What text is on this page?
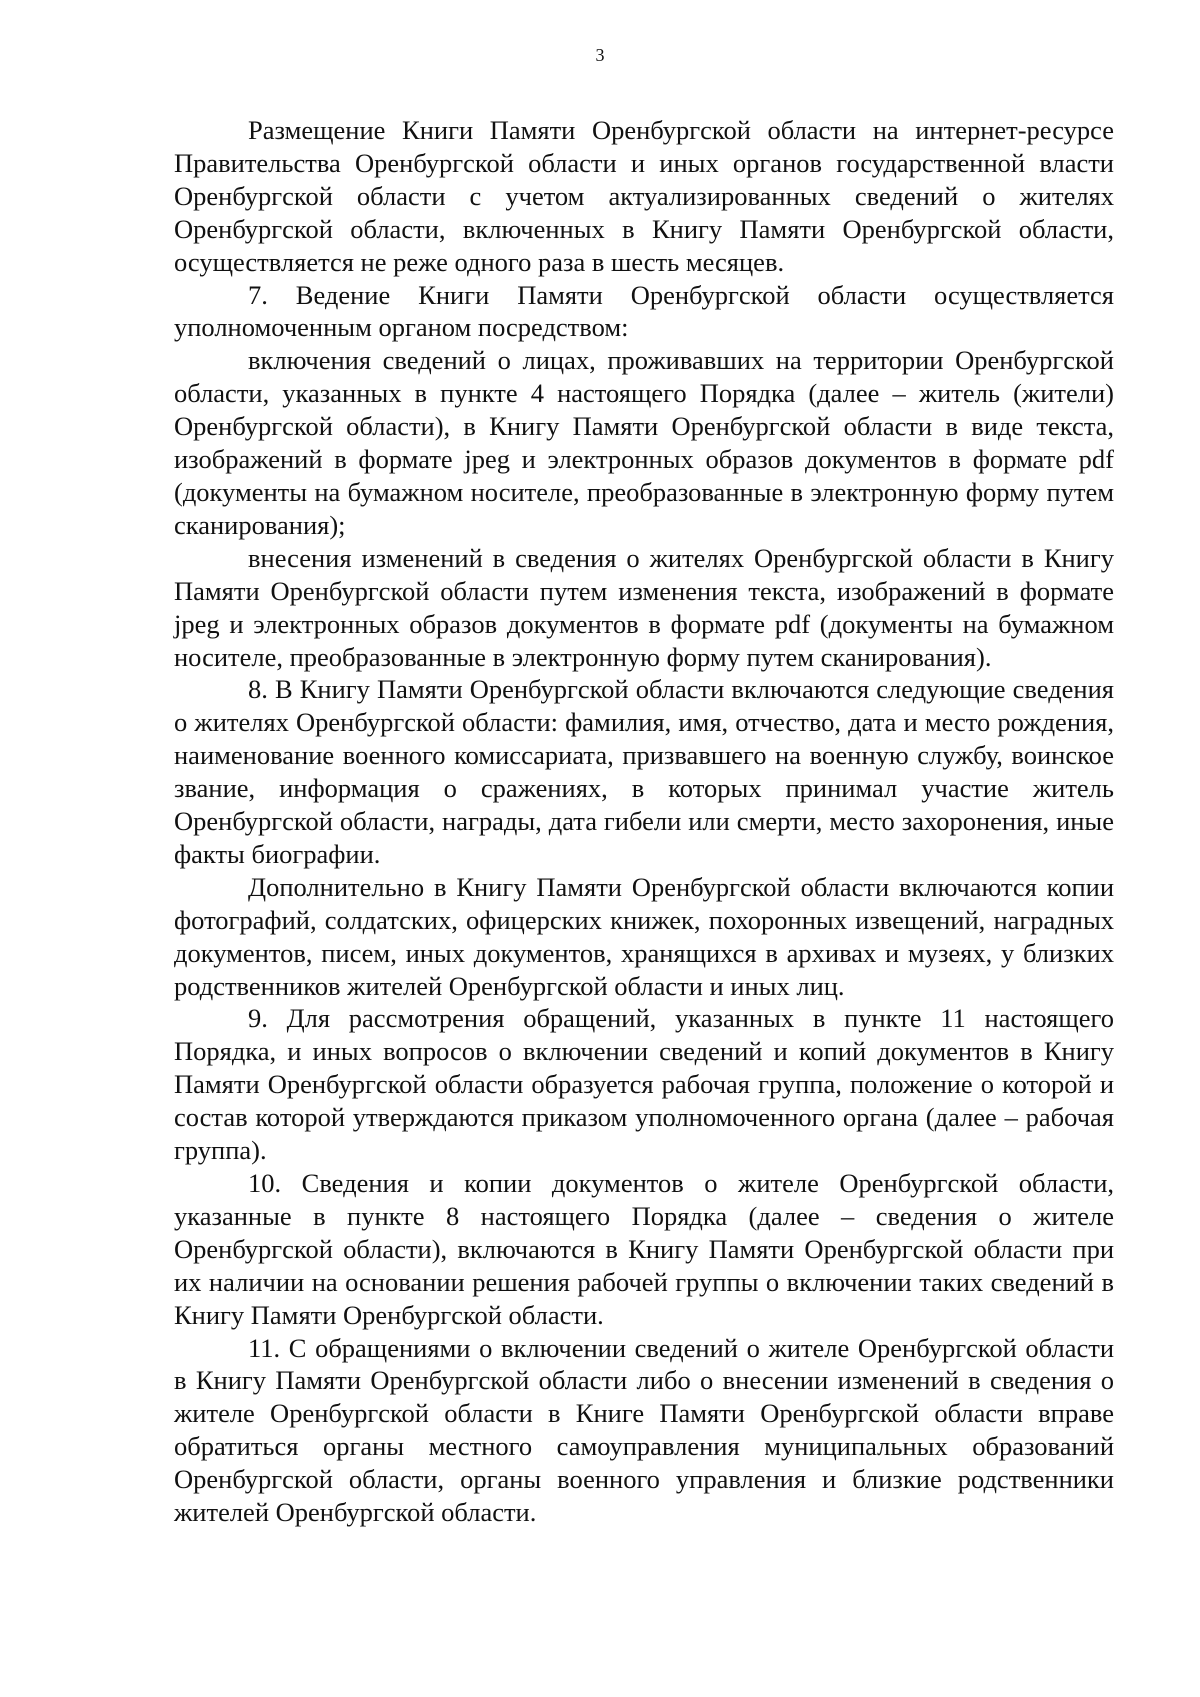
3

Размещение Книги Памяти Оренбургской области на интернет-ресурсе Правительства Оренбургской области и иных органов государственной власти Оренбургской области с учетом актуализированных сведений о жителях Оренбургской области, включенных в Книгу Памяти Оренбургской области, осуществляется не реже одного раза в шесть месяцев.

7. Ведение Книги Памяти Оренбургской области осуществляется уполномоченным органом посредством:

включения сведений о лицах, проживавших на территории Оренбургской области, указанных в пункте 4 настоящего Порядка (далее – житель (жители) Оренбургской области), в Книгу Памяти Оренбургской области в виде текста, изображений в формате jpeg и электронных образов документов в формате pdf (документы на бумажном носителе, преобразованные в электронную форму путем сканирования);

внесения изменений в сведения о жителях Оренбургской области в Книгу Памяти Оренбургской области путем изменения текста, изображений в формате jpeg и электронных образов документов в формате pdf (документы на бумажном носителе, преобразованные в электронную форму путем сканирования).

8. В Книгу Памяти Оренбургской области включаются следующие сведения о жителях Оренбургской области: фамилия, имя, отчество, дата и место рождения, наименование военного комиссариата, призвавшего на военную службу, воинское звание, информация о сражениях, в которых принимал участие житель Оренбургской области, награды, дата гибели или смерти, место захоронения, иные факты биографии.

Дополнительно в Книгу Памяти Оренбургской области включаются копии фотографий, солдатских, офицерских книжек, похоронных извещений, наградных документов, писем, иных документов, хранящихся в архивах и музеях, у близких родственников жителей Оренбургской области и иных лиц.

9. Для рассмотрения обращений, указанных в пункте 11 настоящего Порядка, и иных вопросов о включении сведений и копий документов в Книгу Памяти Оренбургской области образуется рабочая группа, положение о которой и состав которой утверждаются приказом уполномоченного органа (далее – рабочая группа).

10. Сведения и копии документов о жителе Оренбургской области, указанные в пункте 8 настоящего Порядка (далее – сведения о жителе Оренбургской области), включаются в Книгу Памяти Оренбургской области при их наличии на основании решения рабочей группы о включении таких сведений в Книгу Памяти Оренбургской области.

11. С обращениями о включении сведений о жителе Оренбургской области в Книгу Памяти Оренбургской области либо о внесении изменений в сведения о жителе Оренбургской области в Книге Памяти Оренбургской области вправе обратиться органы местного самоуправления муниципальных образований Оренбургской области, органы военного управления и близкие родственники жителей Оренбургской области.
